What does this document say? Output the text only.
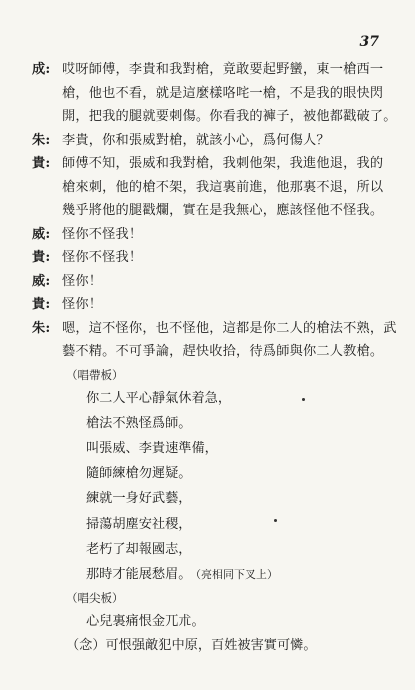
37
成: 哎呀師傅，李貴和我對槍，竟敢要起野蠻，東一槍西一
槍，他也不看，就是這麼樣咯咤一槍，不是我的眼快閃
開，把我的腿就要刺傷。你看我的褲子，被他都戳破了。
朱: 李貴，你和張威對槍，就該小心，爲何傷人？
貴: 師傅不知，張威和我對槍，我刺他架，我進他退，我的
槍來刺，他的槍不架，我這裏前進，他那裏不退，所以
幾乎將他的腿戳爛，實在是我無心，應該怪他不怪我。
威: 怪你不怪我！
貴: 怪你不怪我！
威: 怪你！
貴: 怪你！
朱: 嗯，這不怪你，也不怪他，這都是你二人的槍法不熟，武
藝不精。不可爭論，趕快收拾，待爲師與你二人教槍。
（唱帶板）
你二人平心靜氣休着急，
槍法不熟怪爲師。
叫張威、李貴速準備，
隨師練槍勿遲疑。
練就一身好武藝，
掃蕩胡塵安社稷，
老朽了却報國志，
那時才能展愁眉。 （亮相同下叉上）
（唱尖板）
心兒裏痛恨金兀朮。
（念）可恨强敵犯中原，百姓被害實可憐。
